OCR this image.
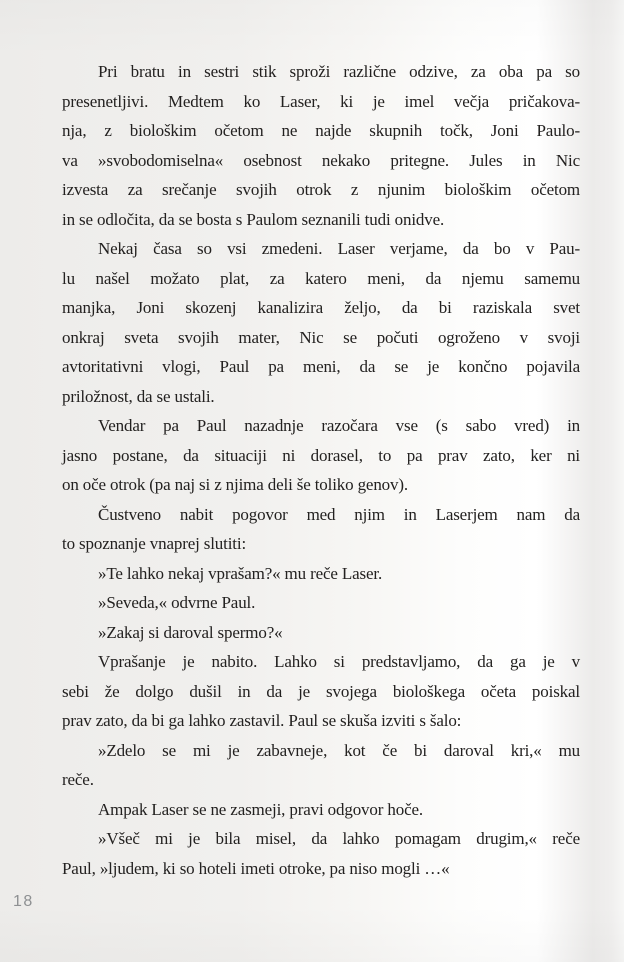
Pri bratu in sestri stik sproži različne odzive, za oba pa so
presenetljivi. Medtem ko Laser, ki je imel večja pričakova-
nja, z biološkim očetom ne najde skupnih točk, Joni Paulo-
va »svobodomiselna« osebnost nekako pritegne. Jules in Nic
izvesta za srečanje svojih otrok z njunim biološkim očetom
in se odločita, da se bosta s Paulom seznanili tudi onidve.
Nekaj časa so vsi zmedeni. Laser verjame, da bo v Pau-
lu našel možato plat, za katero meni, da njemu samemu
manjka, Joni skozenj kanalizira željo, da bi raziskala svet
onkraj sveta svojih mater, Nic se počuti ogroženo v svoji
avtoritativni vlogi, Paul pa meni, da se je končno pojavila
priložnost, da se ustali.
Vendar pa Paul nazadnje razočara vse (s sabo vred) in
jasno postane, da situaciji ni dorasel, to pa prav zato, ker ni
on oče otrok (pa naj si z njima deli še toliko genov).
Čustveno nabit pogovor med njim in Laserjem nam da
to spoznanje vnaprej slutiti:
»Te lahko nekaj vprašam?« mu reče Laser.
»Seveda,« odvrne Paul.
»Zakaj si daroval spermo?«
Vprašanje je nabito. Lahko si predstavljamo, da ga je v
sebi že dolgo dušil in da je svojega biološkega očeta poiskal
prav zato, da bi ga lahko zastavil. Paul se skuša izviti s šalo:
»Zdelo se mi je zabavneje, kot če bi daroval kri,« mu
reče.
Ampak Laser se ne zasmeji, pravi odgovor hoče.
»Všeč mi je bila misel, da lahko pomagam drugim,« reče
Paul, »ljudem, ki so hoteli imeti otroke, pa niso mogli …«
18
